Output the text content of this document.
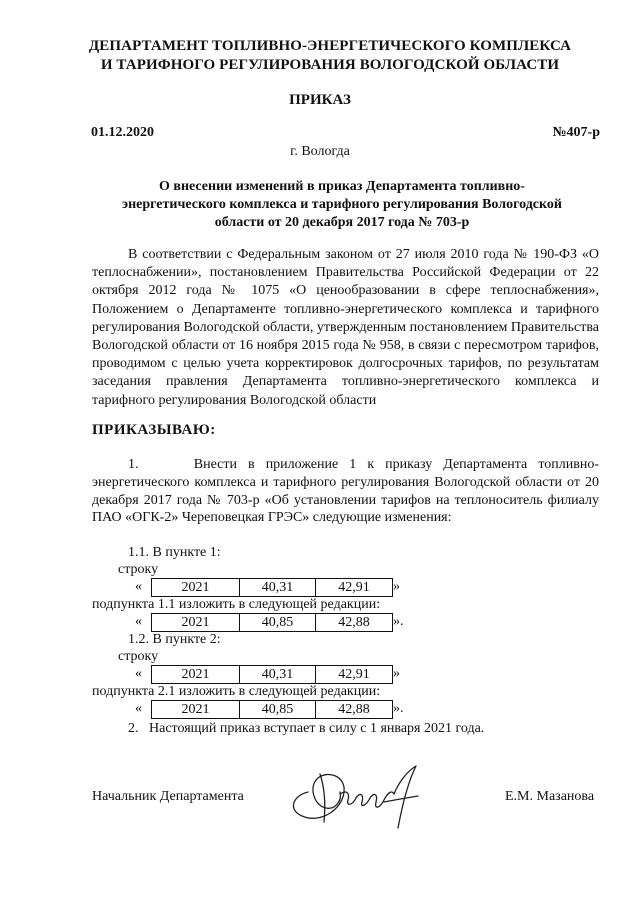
ДЕПАРТАМЕНТ ТОПЛИВНО-ЭНЕРГЕТИЧЕСКОГО КОМПЛЕКСА
И ТАРИФНОГО РЕГУЛИРОВАНИЯ ВОЛОГОДСКОЙ ОБЛАСТИ
ПРИКАЗ
01.12.2020	№407-р
г. Вологда
О внесении изменений в приказ Департамента топливно-
энергетического комплекса и тарифного регулирования Вологодской
области от 20 декабря 2017 года № 703-р
В соответствии с Федеральным законом от 27 июля 2010 года № 190-ФЗ «О теплоснабжении», постановлением Правительства Российской Федерации от 22 октября 2012 года № 1075 «О ценообразовании в сфере теплоснабжения», Положением о Департаменте топливно-энергетического комплекса и тарифного регулирования Вологодской области, утвержденным постановлением Правительства Вологодской области от 16 ноября 2015 года № 958, в связи с пересмотром тарифов, проводимом с целью учета корректировок долгосрочных тарифов, по результатам заседания правления Департамента топливно-энергетического комплекса и тарифного регулирования Вологодской области
ПРИКАЗЫВАЮ:
1.     Внести в приложение 1 к приказу Департамента топливно-энергетического комплекса и тарифного регулирования Вологодской области от 20 декабря 2017 года № 703-р «Об установлении тарифов на теплоноситель филиалу ПАО «ОГК-2» Череповецкая ГРЭС» следующие изменения:
1.1. В пункте 1:
строку
«	2021	40,31	42,91	»
подпункта 1.1 изложить в следующей редакции:
«	2021	40,85	42,88	».
1.2. В пункте 2:
строку
«	2021	40,31	42,91	»
подпункта 2.1 изложить в следующей редакции:
«	2021	40,85	42,88	».
2.   Настоящий приказ вступает в силу с 1 января 2021 года.
Начальник Департамента	Е.М. Мазанова
